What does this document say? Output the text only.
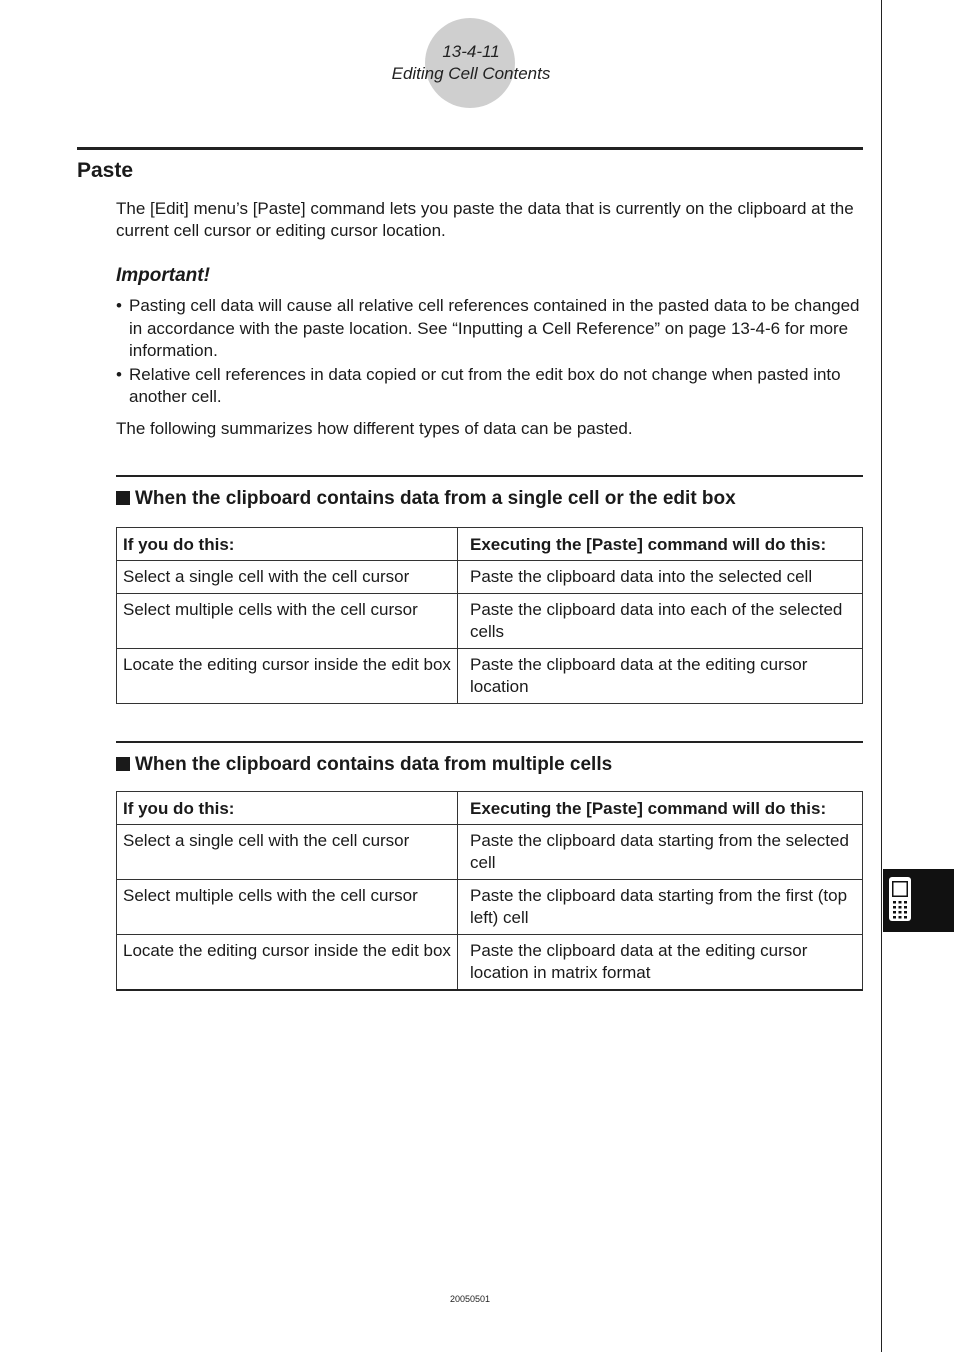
13-4-11
Editing Cell Contents
Paste

The [Edit] menu’s [Paste] command lets you paste the data that is currently on the clipboard at the current cell cursor or editing cursor location.

Important!
• Pasting cell data will cause all relative cell references contained in the pasted data to be changed in accordance with the paste location. See “Inputting a Cell Reference” on page 13-4-6 for more information.
• Relative cell references in data copied or cut from the edit box do not change when pasted into another cell.

The following summarizes how different types of data can be pasted.

When the clipboard contains data from a single cell or the edit box
If you do this:	Executing the [Paste] command will do this:
Select a single cell with the cell cursor	Paste the clipboard data into the selected cell
Select multiple cells with the cell cursor	Paste the clipboard data into each of the selected cells
Locate the editing cursor inside the edit box	Paste the clipboard data at the editing cursor location
When the clipboard contains data from multiple cells
If you do this:	Executing the [Paste] command will do this:
Select a single cell with the cell cursor	Paste the clipboard data starting from the selected cell
Select multiple cells with the cell cursor	Paste the clipboard data starting from the first (top left) cell
Locate the editing cursor inside the edit box	Paste the clipboard data at the editing cursor location in matrix format
20050501
